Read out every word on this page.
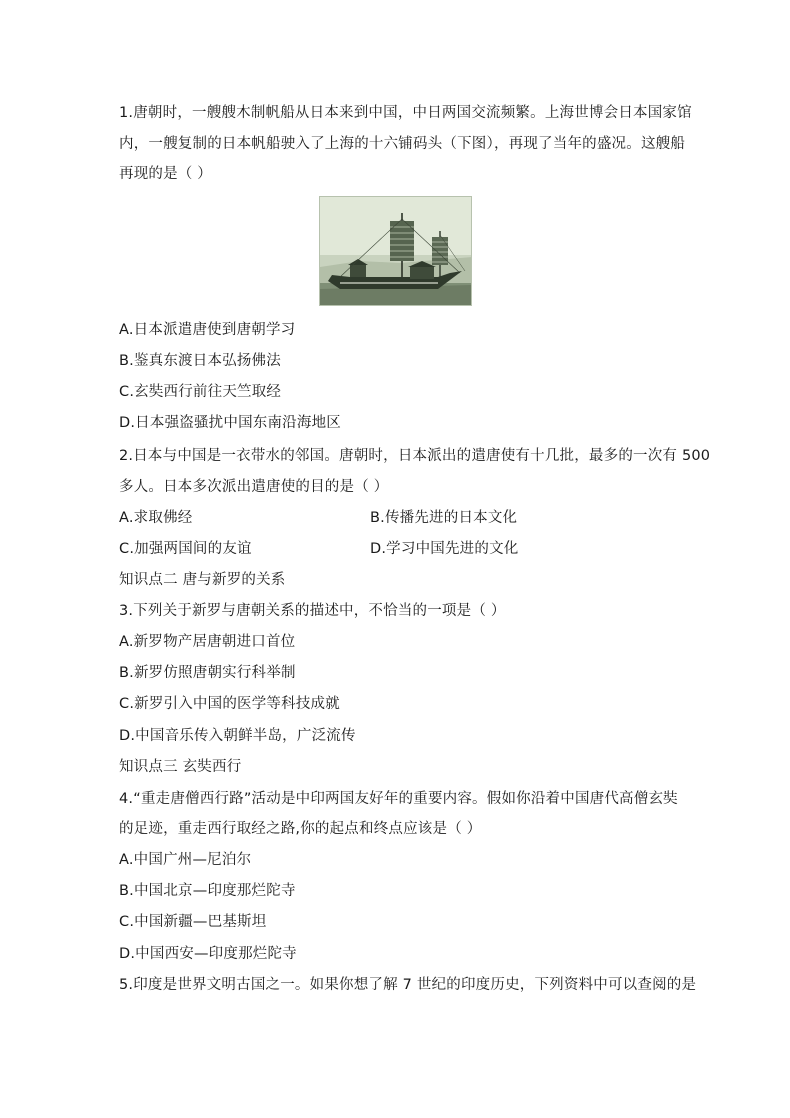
1.唐朝时，一艘艘木制帆船从日本来到中国，中日两国交流频繁。上海世博会日本国家馆
内，一艘复制的日本帆船驶入了上海的十六铺码头（下图），再现了当年的盛况。这艘船
再现的是（ ）
A.日本派遣唐使到唐朝学习
B.鉴真东渡日本弘扬佛法
C.玄奘西行前往天竺取经
D.日本强盗骚扰中国东南沿海地区
2.日本与中国是一衣带水的邻国。唐朝时，日本派出的遣唐使有十几批，最多的一次有 500
多人。日本多次派出遣唐使的目的是（ ）
A.求取佛经	B.传播先进的日本文化
C.加强两国间的友谊	D.学习中国先进的文化
知识点二 唐与新罗的关系
3.下列关于新罗与唐朝关系的描述中，不恰当的一项是（ ）
A.新罗物产居唐朝进口首位
B.新罗仿照唐朝实行科举制
C.新罗引入中国的医学等科技成就
D.中国音乐传入朝鲜半岛，广泛流传
知识点三 玄奘西行
4.“重走唐僧西行路”活动是中印两国友好年的重要内容。假如你沿着中国唐代高僧玄奘
的足迹，重走西行取经之路,你的起点和终点应该是（ ）
A.中国广州—尼泊尔
B.中国北京—印度那烂陀寺
C.中国新疆—巴基斯坦
D.中国西安—印度那烂陀寺
5.印度是世界文明古国之一。如果你想了解 7 世纪的印度历史，下列资料中可以查阅的是
